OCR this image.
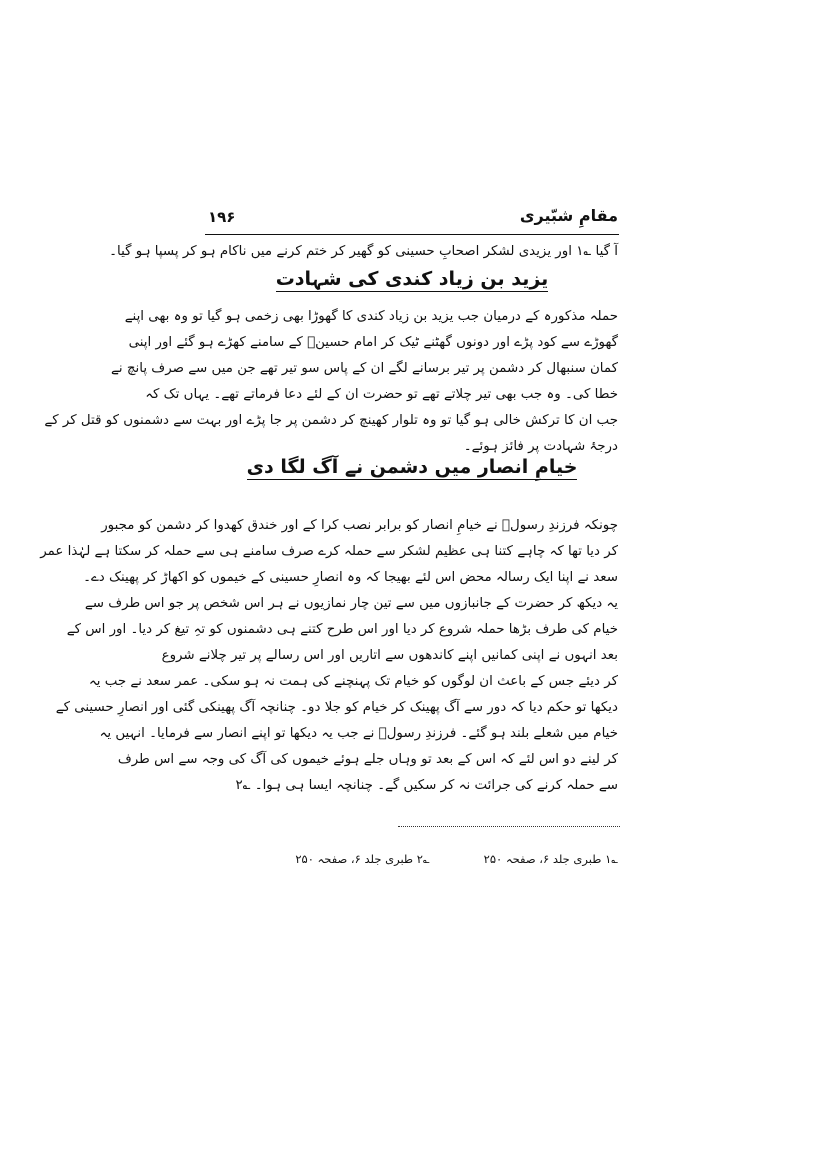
۱۹۶	مقامِ شبّیری
آ گیا ؎۱ اور یزیدی لشکر اصحابِ حسینی کو گھیر کر ختم کرنے میں ناکام ہو کر پسپا ہو گیا۔
یزید بن زیاد کندی کی شہادت
حملہ مذکورہ کے درمیان جب یزید بن زیاد کندی کا گھوڑا بھی زخمی ہو گیا تو وہ بھی اپنے
گھوڑے سے کود پڑے اور دونوں گھٹنے ٹیک کر امام حسینؑ کے سامنے کھڑے ہو گئے اور اپنی
کمان سنبھال کر دشمن پر تیر برسانے لگے ان کے پاس سو تیر تھے جن میں سے صرف پانچ نے
خطا کی۔ وہ جب بھی تیر چلاتے تھے تو حضرت ان کے لئے دعا فرماتے تھے۔ یہاں تک کہ
جب ان کا ترکش خالی ہو گیا تو وہ تلوار کھینچ کر دشمن پر جا پڑے اور بہت سے دشمنوں کو قتل کر کے
درجۂ شہادت پر فائز ہوئے۔
خیامِ انصار میں دشمن نے آگ لگا دی
چونکہ فرزندِ رسولؐ نے خیامِ انصار کو برابر نصب کرا کے اور خندق کھدوا کر دشمن کو مجبور
کر دیا تھا کہ چاہے کتنا ہی عظیم لشکر سے حملہ کرے صرف سامنے ہی سے حملہ کر سکتا ہے لہٰذا عمر
سعد نے اپنا ایک رسالہ محض اس لئے بھیجا کہ وہ انصارِ حسینی کے خیموں کو اکھاڑ کر پھینک دے۔
یہ دیکھ کر حضرت کے جانبازوں میں سے تین چار نمازیوں نے ہر اس شخص پر جو اس طرف سے
خیام کی طرف بڑھا حملہ شروع کر دیا اور اس طرح کتنے ہی دشمنوں کو تہِ تیغ کر دیا۔ اور اس کے
بعد انہوں نے اپنی کمانیں اپنے کاندھوں سے اتاریں اور اس رسالے پر تیر چلانے شروع
کر دیئے جس کے باعث ان لوگوں کو خیام تک پہنچنے کی ہمت نہ ہو سکی۔ عمر سعد نے جب یہ
دیکھا تو حکم دیا کہ دور سے آگ پھینک کر خیام کو جلا دو۔ چنانچہ آگ پھینکی گئی اور انصارِ حسینی کے
خیام میں شعلے بلند ہو گئے۔ فرزندِ رسولؐ نے جب یہ دیکھا تو اپنے انصار سے فرمایا۔ انہیں یہ
کر لینے دو اس لئے کہ اس کے بعد تو وہاں جلے ہوئے خیموں کی آگ کی وجہ سے اس طرف
سے حملہ کرنے کی جرائت نہ کر سکیں گے۔ چنانچہ ایسا ہی ہوا۔ ؎۲
؎۱ طبری جلد ۶، صفحہ ۲۵۰؎۲ طبری جلد ۶، صفحہ ۲۵۰
